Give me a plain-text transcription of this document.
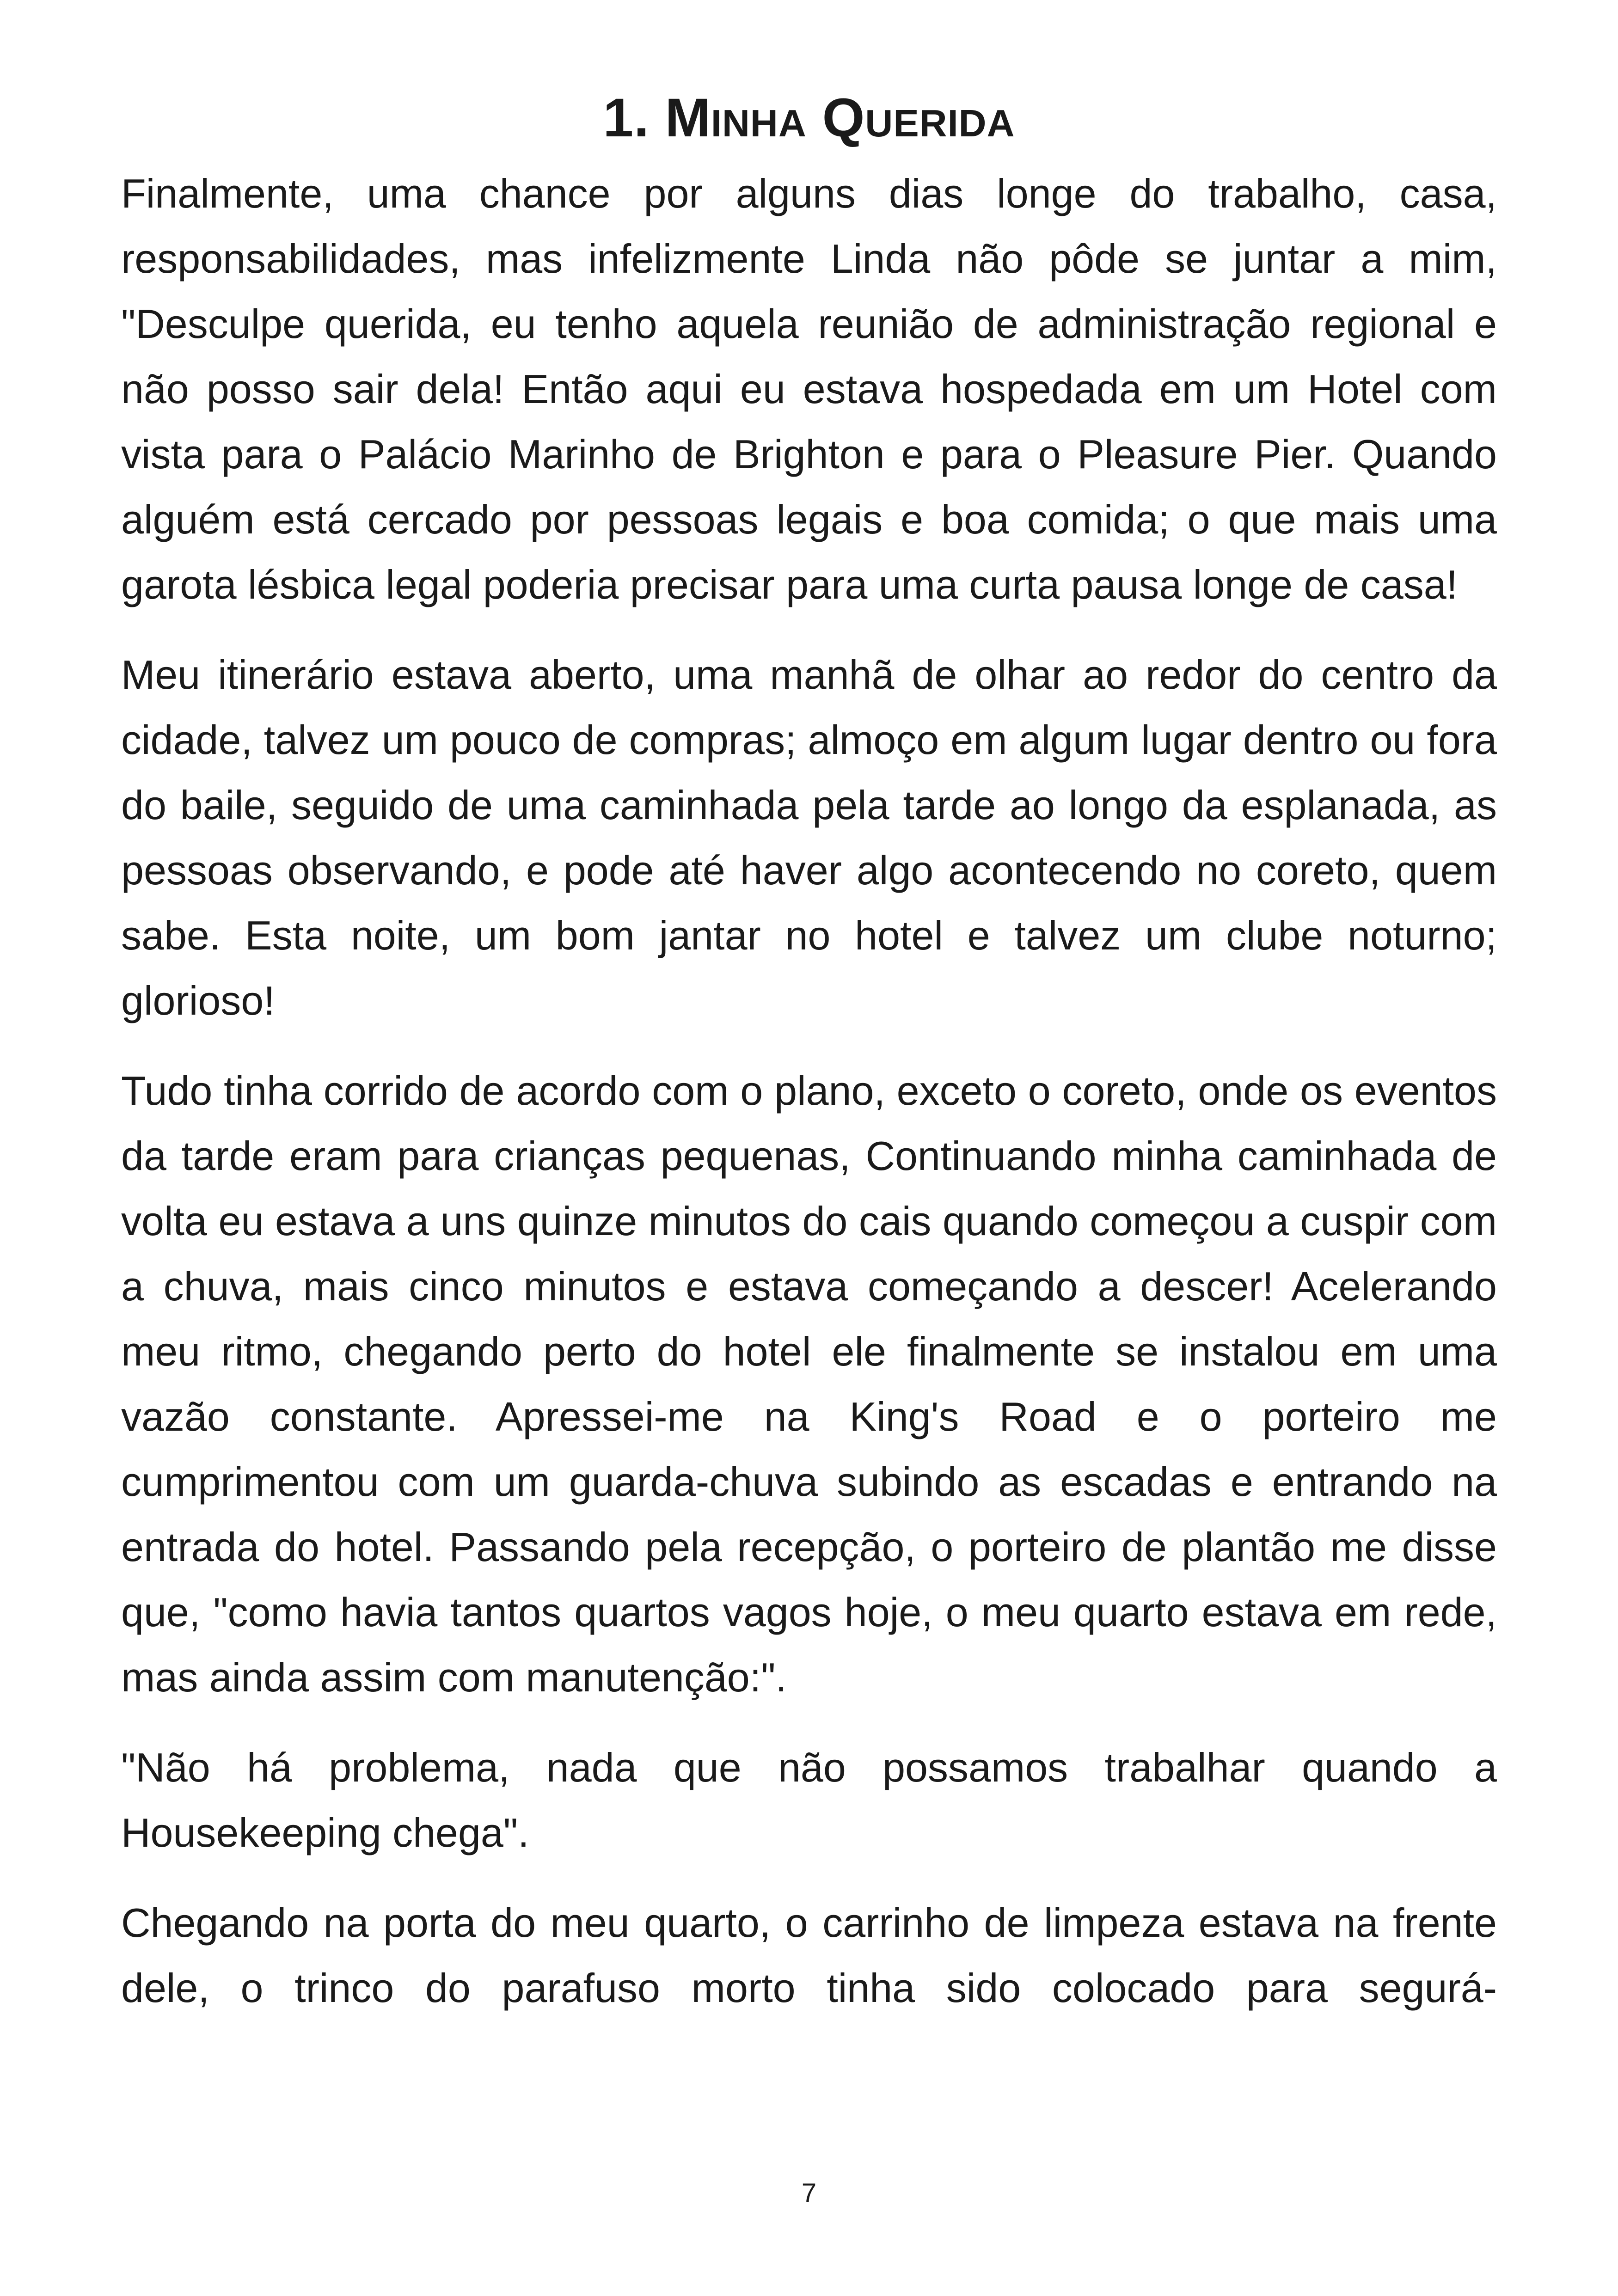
1. Minha Querida

Finalmente, uma chance por alguns dias longe do trabalho, casa, responsabilidades, mas infelizmente Linda não pôde se juntar a mim, "Desculpe querida, eu tenho aquela reunião de administração regional e não posso sair dela! Então aqui eu estava hospedada em um Hotel com vista para o Palácio Marinho de Brighton e para o Pleasure Pier. Quando alguém está cercado por pessoas legais e boa comida; o que mais uma garota lésbica legal poderia precisar para uma curta pausa longe de casa!

Meu itinerário estava aberto, uma manhã de olhar ao redor do centro da cidade, talvez um pouco de compras; almoço em algum lugar dentro ou fora do baile, seguido de uma caminhada pela tarde ao longo da esplanada, as pessoas observando, e pode até haver algo acontecendo no coreto, quem sabe. Esta noite, um bom jantar no hotel e talvez um clube noturno; glorioso!

Tudo tinha corrido de acordo com o plano, exceto o coreto, onde os eventos da tarde eram para crianças pequenas, Continuando minha caminhada de volta eu estava a uns quinze minutos do cais quando começou a cuspir com a chuva, mais cinco minutos e estava começando a descer! Acelerando meu ritmo, chegando perto do hotel ele finalmente se instalou em uma vazão constante. Apressei-me na King's Road e o porteiro me cumprimentou com um guarda-chuva subindo as escadas e entrando na entrada do hotel. Passando pela recepção, o porteiro de plantão me disse que, "como havia tantos quartos vagos hoje, o meu quarto estava em rede, mas ainda assim com manutenção:".

"Não há problema, nada que não possamos trabalhar quando a Housekeeping chega".

Chegando na porta do meu quarto, o carrinho de limpeza estava na frente dele, o trinco do parafuso morto tinha sido colocado para segurá-

7
